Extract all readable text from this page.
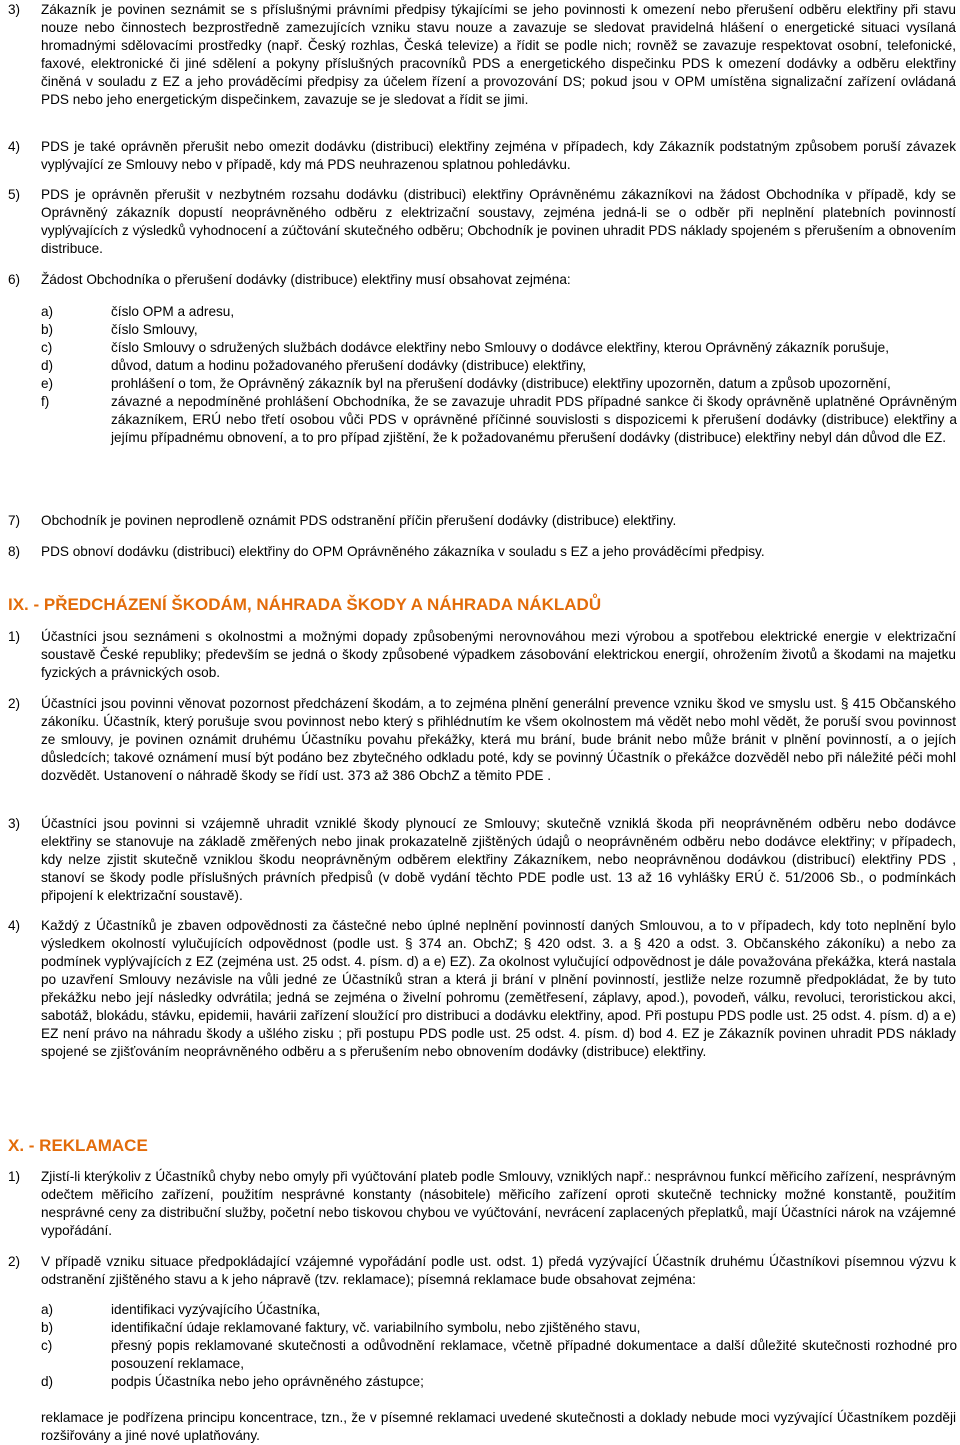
3) Zákazník je povinen seznámit se s příslušnými právními předpisy týkajícími se jeho povinnosti k omezení nebo přerušení odběru elektřiny při stavu nouze nebo činnostech bezprostředně zamezujících vzniku stavu nouze a zavazuje se sledovat pravidelná hlášení o energetické situaci vysílaná hromadnými sdělovacími prostředky (např. Český rozhlas, Česká televize) a řídit se podle nich; rovněž se zavazuje respektovat osobní, telefonické, faxové, elektronické či jiné sdělení a pokyny příslušných pracovníků PDS a energetického dispečinku PDS k omezení dodávky a odběru elektřiny činěná v souladu z EZ a jeho prováděcími předpisy za účelem řízení a provozování DS; pokud jsou v OPM umístěna signalizační zařízení ovládaná PDS nebo jeho energetickým dispečinkem, zavazuje se je sledovat a řídit se jimi.
4) PDS je také oprávněn přerušit nebo omezit dodávku (distribuci) elektřiny zejména v případech, kdy Zákazník podstatným způsobem poruší závazek vyplývající ze Smlouvy nebo v případě, kdy má PDS neuhrazenou splatnou pohledávku.
5) PDS je oprávněn přerušit v nezbytném rozsahu dodávku (distribuci) elektřiny Oprávněnému zákazníkovi na žádost Obchodníka v případě, kdy se Oprávněný zákazník dopustí neoprávněného odběru z elektrizační soustavy, zejména jedná-li se o odběr při neplnění platebních povinností vyplývajících z výsledků vyhodnocení a zúčtování skutečného odběru; Obchodník je povinen uhradit PDS náklady spojeném s přerušením a obnovením distribuce.
6) Žádost Obchodníka o přerušení dodávky (distribuce) elektřiny musí obsahovat zejména:
a)	číslo OPM a adresu,
b)	číslo Smlouvy,
c)	číslo Smlouvy o sdružených službách dodávce elektřiny nebo Smlouvy o dodávce elektřiny, kterou Oprávněný zákazník porušuje,
d)	důvod, datum a hodinu požadovaného přerušení dodávky (distribuce) elektřiny,
e)	prohlášení o tom, že Oprávněný zákazník byl na přerušení dodávky (distribuce) elektřiny upozorněn, datum a způsob upozornění,
f)	závazné a nepodmíněné prohlášení Obchodníka, že se zavazuje uhradit PDS případné sankce či škody oprávněně uplatněné Oprávněným zákazníkem, ERÚ nebo třetí osobou vůči PDS v oprávněné příčinné souvislosti s dispozicemi k přerušení dodávky (distribuce) elektřiny a jejímu případnému obnovení, a to pro případ zjištění, že k požadovanému přerušení dodávky (distribuce) elektřiny nebyl dán důvod dle EZ.
7) Obchodník je povinen neprodleně oznámit PDS odstranění příčin přerušení dodávky (distribuce) elektřiny.
8) PDS obnoví dodávku (distribuci) elektřiny do OPM Oprávněného zákazníka v souladu s EZ a jeho prováděcími předpisy.
IX. - PŘEDCHÁZENÍ ŠKODÁM, NÁHRADA ŠKODY A NÁHRADA NÁKLADŮ
1) Účastníci jsou seznámeni s okolnostmi a možnými dopady způsobenými nerovnováhou mezi výrobou a spotřebou elektrické energie v elektrizační soustavě České republiky; především se jedná o škody způsobené výpadkem zásobování elektrickou energií, ohrožením životů a škodami na majetku fyzických a právnických osob.
2) Účastníci jsou povinni věnovat pozornost předcházení škodám, a to zejména plnění generální prevence vzniku škod ve smyslu ust. § 415 Občanského zákoníku. Účastník, který porušuje svou povinnost nebo který s přihlédnutím ke všem okolnostem má vědět nebo mohl vědět, že poruší svou povinnost ze smlouvy, je povinen oznámit druhému Účastníku povahu překážky, která mu brání, bude bránit nebo může bránit v plnění povinností, a o jejích důsledcích; takové oznámení musí být podáno bez zbytečného odkladu poté, kdy se povinný Účastník o překážce dozvěděl nebo při náležité péči mohl dozvědět. Ustanovení o náhradě škody se řídí ust. 373 až 386 ObchZ a těmito PDE .
3) Účastníci jsou povinni si vzájemně uhradit vzniklé škody plynoucí ze Smlouvy; skutečně vzniklá škoda při neoprávněném odběru nebo dodávce elektřiny se stanovuje na základě změřených nebo jinak prokazatelně zjištěných údajů o neoprávněném odběru nebo dodávce elektřiny; v případech, kdy nelze zjistit skutečně vzniklou škodu neoprávněným odběrem elektřiny Zákazníkem, nebo neoprávněnou dodávkou (distribucí) elektřiny PDS , stanoví se škody podle příslušných právních předpisů (v době vydání těchto PDE podle ust. 13 až 16 vyhlášky ERÚ č. 51/2006 Sb., o podmínkách připojení k elektrizační soustavě).
4) Každý z Účastníků je zbaven odpovědnosti za částečné nebo úplné neplnění povinností daných Smlouvou, a to v případech, kdy toto neplnění bylo výsledkem okolností vylučujících odpovědnost (podle ust. § 374 an. ObchZ; § 420 odst. 3. a § 420 a odst. 3. Občanského zákoníku) a nebo za podmínek vyplývajících z EZ (zejména ust. 25 odst. 4. písm. d) a e) EZ). Za okolnost vylučující odpovědnost je dále považována překážka, která nastala po uzavření Smlouvy nezávisle na vůli jedné ze Účastníků stran a která ji brání v plnění povinností, jestliže nelze rozumně předpokládat, že by tuto překážku nebo její následky odvrátila; jedná se zejména o živelní pohromu (zemětřesení, záplavy, apod.), povodeň, válku, revoluci, teroristickou akci, sabotáž, blokádu, stávku, epidemii, havárii zařízení sloužící pro distribuci a dodávku elektřiny, apod. Při postupu PDS podle ust. 25 odst. 4. písm. d) a e) EZ není právo na náhradu škody a ušlého zisku ; při postupu PDS podle ust. 25 odst. 4. písm. d) bod 4. EZ je Zákazník povinen uhradit PDS náklady spojené se zjišťováním neoprávněného odběru a s přerušením nebo obnovením dodávky (distribuce) elektřiny.
X. - REKLAMACE
1) Zjistí-li kterýkoliv z Účastníků chyby nebo omyly při vyúčtování plateb podle Smlouvy, vzniklých např.: nesprávnou funkcí měřicího zařízení, nesprávným odečtem měřicího zařízení, použitím nesprávné konstanty (násobitele) měřicího zařízení oproti skutečně technicky možné konstantě, použitím nesprávné ceny za distribuční služby, početní nebo tiskovou chybou ve vyúčtování, nevrácení zaplacených přeplatků, mají Účastníci nárok na vzájemné vypořádání.
2) V případě vzniku situace předpokládající vzájemné vypořádání podle ust. odst. 1) předá vyzývající Účastník druhému Účastníkovi písemnou výzvu k odstranění zjištěného stavu a k jeho nápravě (tzv. reklamace); písemná reklamace bude obsahovat zejména:
a)	identifikaci vyzývajícího Účastníka,
b)	identifikační údaje reklamované faktury, vč. variabilního symbolu, nebo zjištěného stavu,
c)	přesný popis reklamované skutečnosti a odůvodnění reklamace, včetně případné dokumentace a další důležité skutečnosti rozhodné pro posouzení reklamace,
d)	podpis Účastníka nebo jeho oprávněného zástupce;
reklamace je podřízena principu koncentrace, tzn., že v písemné reklamaci uvedené skutečnosti a doklady nebude moci vyzývající Účastníkem později rozšiřovány a jiné nové uplatňovány.
